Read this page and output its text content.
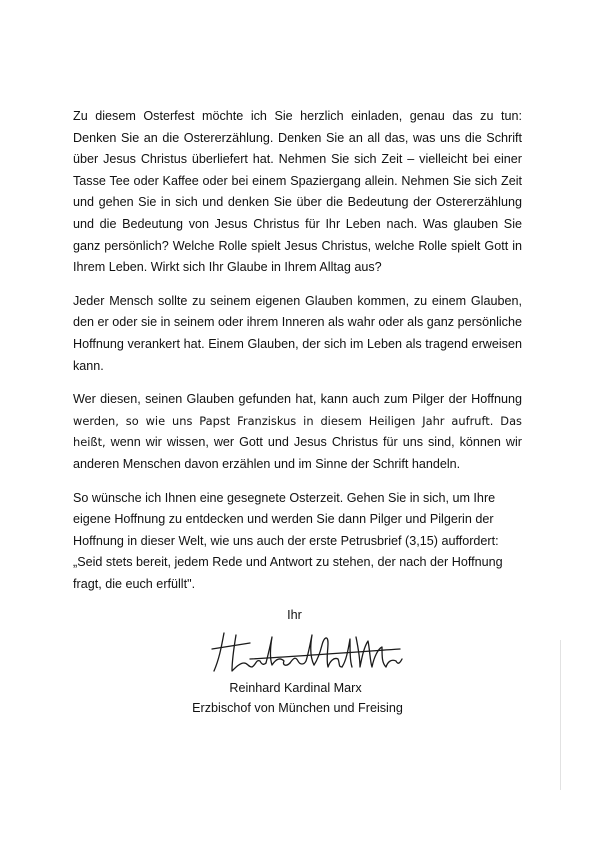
Zu diesem Osterfest möchte ich Sie herzlich einladen, genau das zu tun: Denken Sie an die Ostererzählung. Denken Sie an all das, was uns die Schrift über Jesus Christus überliefert hat. Nehmen Sie sich Zeit – vielleicht bei einer Tasse Tee oder Kaffee oder bei einem Spaziergang allein. Nehmen Sie sich Zeit und gehen Sie in sich und denken Sie über die Bedeutung der Ostererzählung und die Bedeutung von Jesus Christus für Ihr Leben nach. Was glauben Sie ganz persönlich? Welche Rolle spielt Jesus Christus, welche Rolle spielt Gott in Ihrem Leben. Wirkt sich Ihr Glaube in Ihrem Alltag aus?

Jeder Mensch sollte zu seinem eigenen Glauben kommen, zu einem Glauben, den er oder sie in seinem oder ihrem Inneren als wahr oder als ganz persönliche Hoffnung verankert hat. Einem Glauben, der sich im Leben als tragend erweisen kann.

Wer diesen, seinen Glauben gefunden hat, kann auch zum Pilger der Hoffnung werden, so wie uns Papst Franziskus in diesem Heiligen Jahr aufruft. Das heißt, wenn wir wissen, wer Gott und Jesus Christus für uns sind, können wir anderen Menschen davon erzählen und im Sinne der Schrift handeln.

So wünsche ich Ihnen eine gesegnete Osterzeit. Gehen Sie in sich, um Ihre eigene Hoffnung zu entdecken und werden Sie dann Pilger und Pilgerin der Hoffnung in dieser Welt, wie uns auch der erste Petrusbrief (3,15) auffordert:
„Seid stets bereit, jedem Rede und Antwort zu stehen, der nach der Hoffnung fragt, die euch erfüllt".

Ihr
Reinhard Kardinal Marx
Erzbischof von München und Freising
